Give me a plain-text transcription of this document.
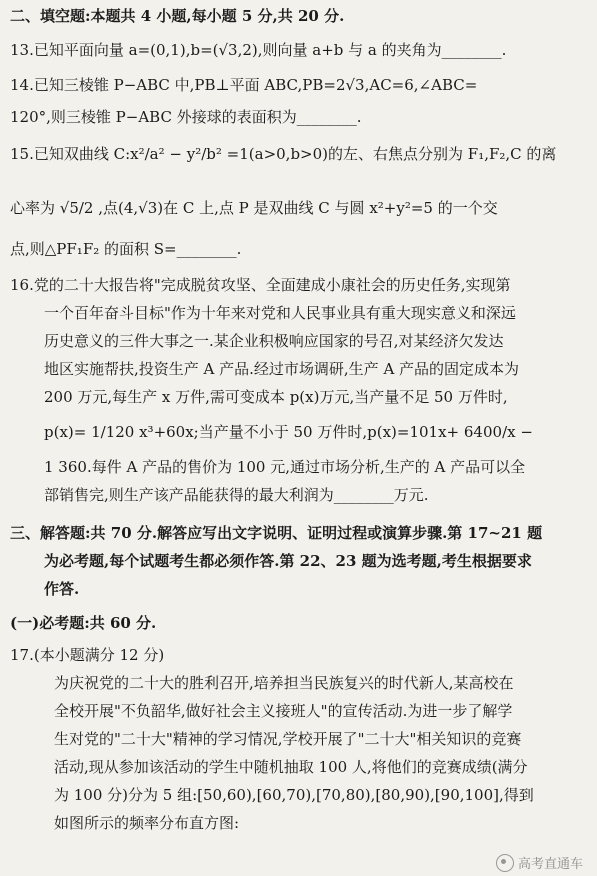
二、填空题:本题共 4 小题,每小题 5 分,共 20 分.

13.已知平面向量 a=(0,1),b=(√3,2),则向量 a+b 与 a 的夹角为________.

14.已知三棱锥 P−ABC 中,PB⊥平面 ABC,PB=2√3,AC=6,∠ABC=

120°,则三棱锥 P−ABC 外接球的表面积为________.

15.已知双曲线 C:x²/a² − y²/b² =1(a>0,b>0)的左、右焦点分别为 F₁,F₂,C 的离

心率为 √5/2 ,点(4,√3)在 C 上,点 P 是双曲线 C 与圆 x²+y²=5 的一个交

点,则△PF₁F₂ 的面积 S=________.

16.党的二十大报告将"完成脱贫攻坚、全面建成小康社会的历史任务,实现第

一个百年奋斗目标"作为十年来对党和人民事业具有重大现实意义和深远

历史意义的三件大事之一.某企业积极响应国家的号召,对某经济欠发达

地区实施帮扶,投资生产 A 产品.经过市场调研,生产 A 产品的固定成本为

200 万元,每生产 x 万件,需可变成本 p(x)万元,当产量不足 50 万件时,

p(x)= 1/120 x³+60x;当产量不小于 50 万件时,p(x)=101x+ 6400/x −

1 360.每件 A 产品的售价为 100 元,通过市场分析,生产的 A 产品可以全

部销售完,则生产该产品能获得的最大利润为________万元.

三、解答题:共 70 分.解答应写出文字说明、证明过程或演算步骤.第 17~21 题

为必考题,每个试题考生都必须作答.第 22、23 题为选考题,考生根据要求

作答.

(一)必考题:共 60 分.

17.(本小题满分 12 分)

为庆祝党的二十大的胜利召开,培养担当民族复兴的时代新人,某高校在

全校开展"不负韶华,做好社会主义接班人"的宣传活动.为进一步了解学

生对党的"二十大"精神的学习情况,学校开展了"二十大"相关知识的竞赛

活动,现从参加该活动的学生中随机抽取 100 人,将他们的竞赛成绩(满分

为 100 分)分为 5 组:[50,60),[60,70),[70,80),[80,90),[90,100],得到

如图所示的频率分布直方图:

高考直通车
